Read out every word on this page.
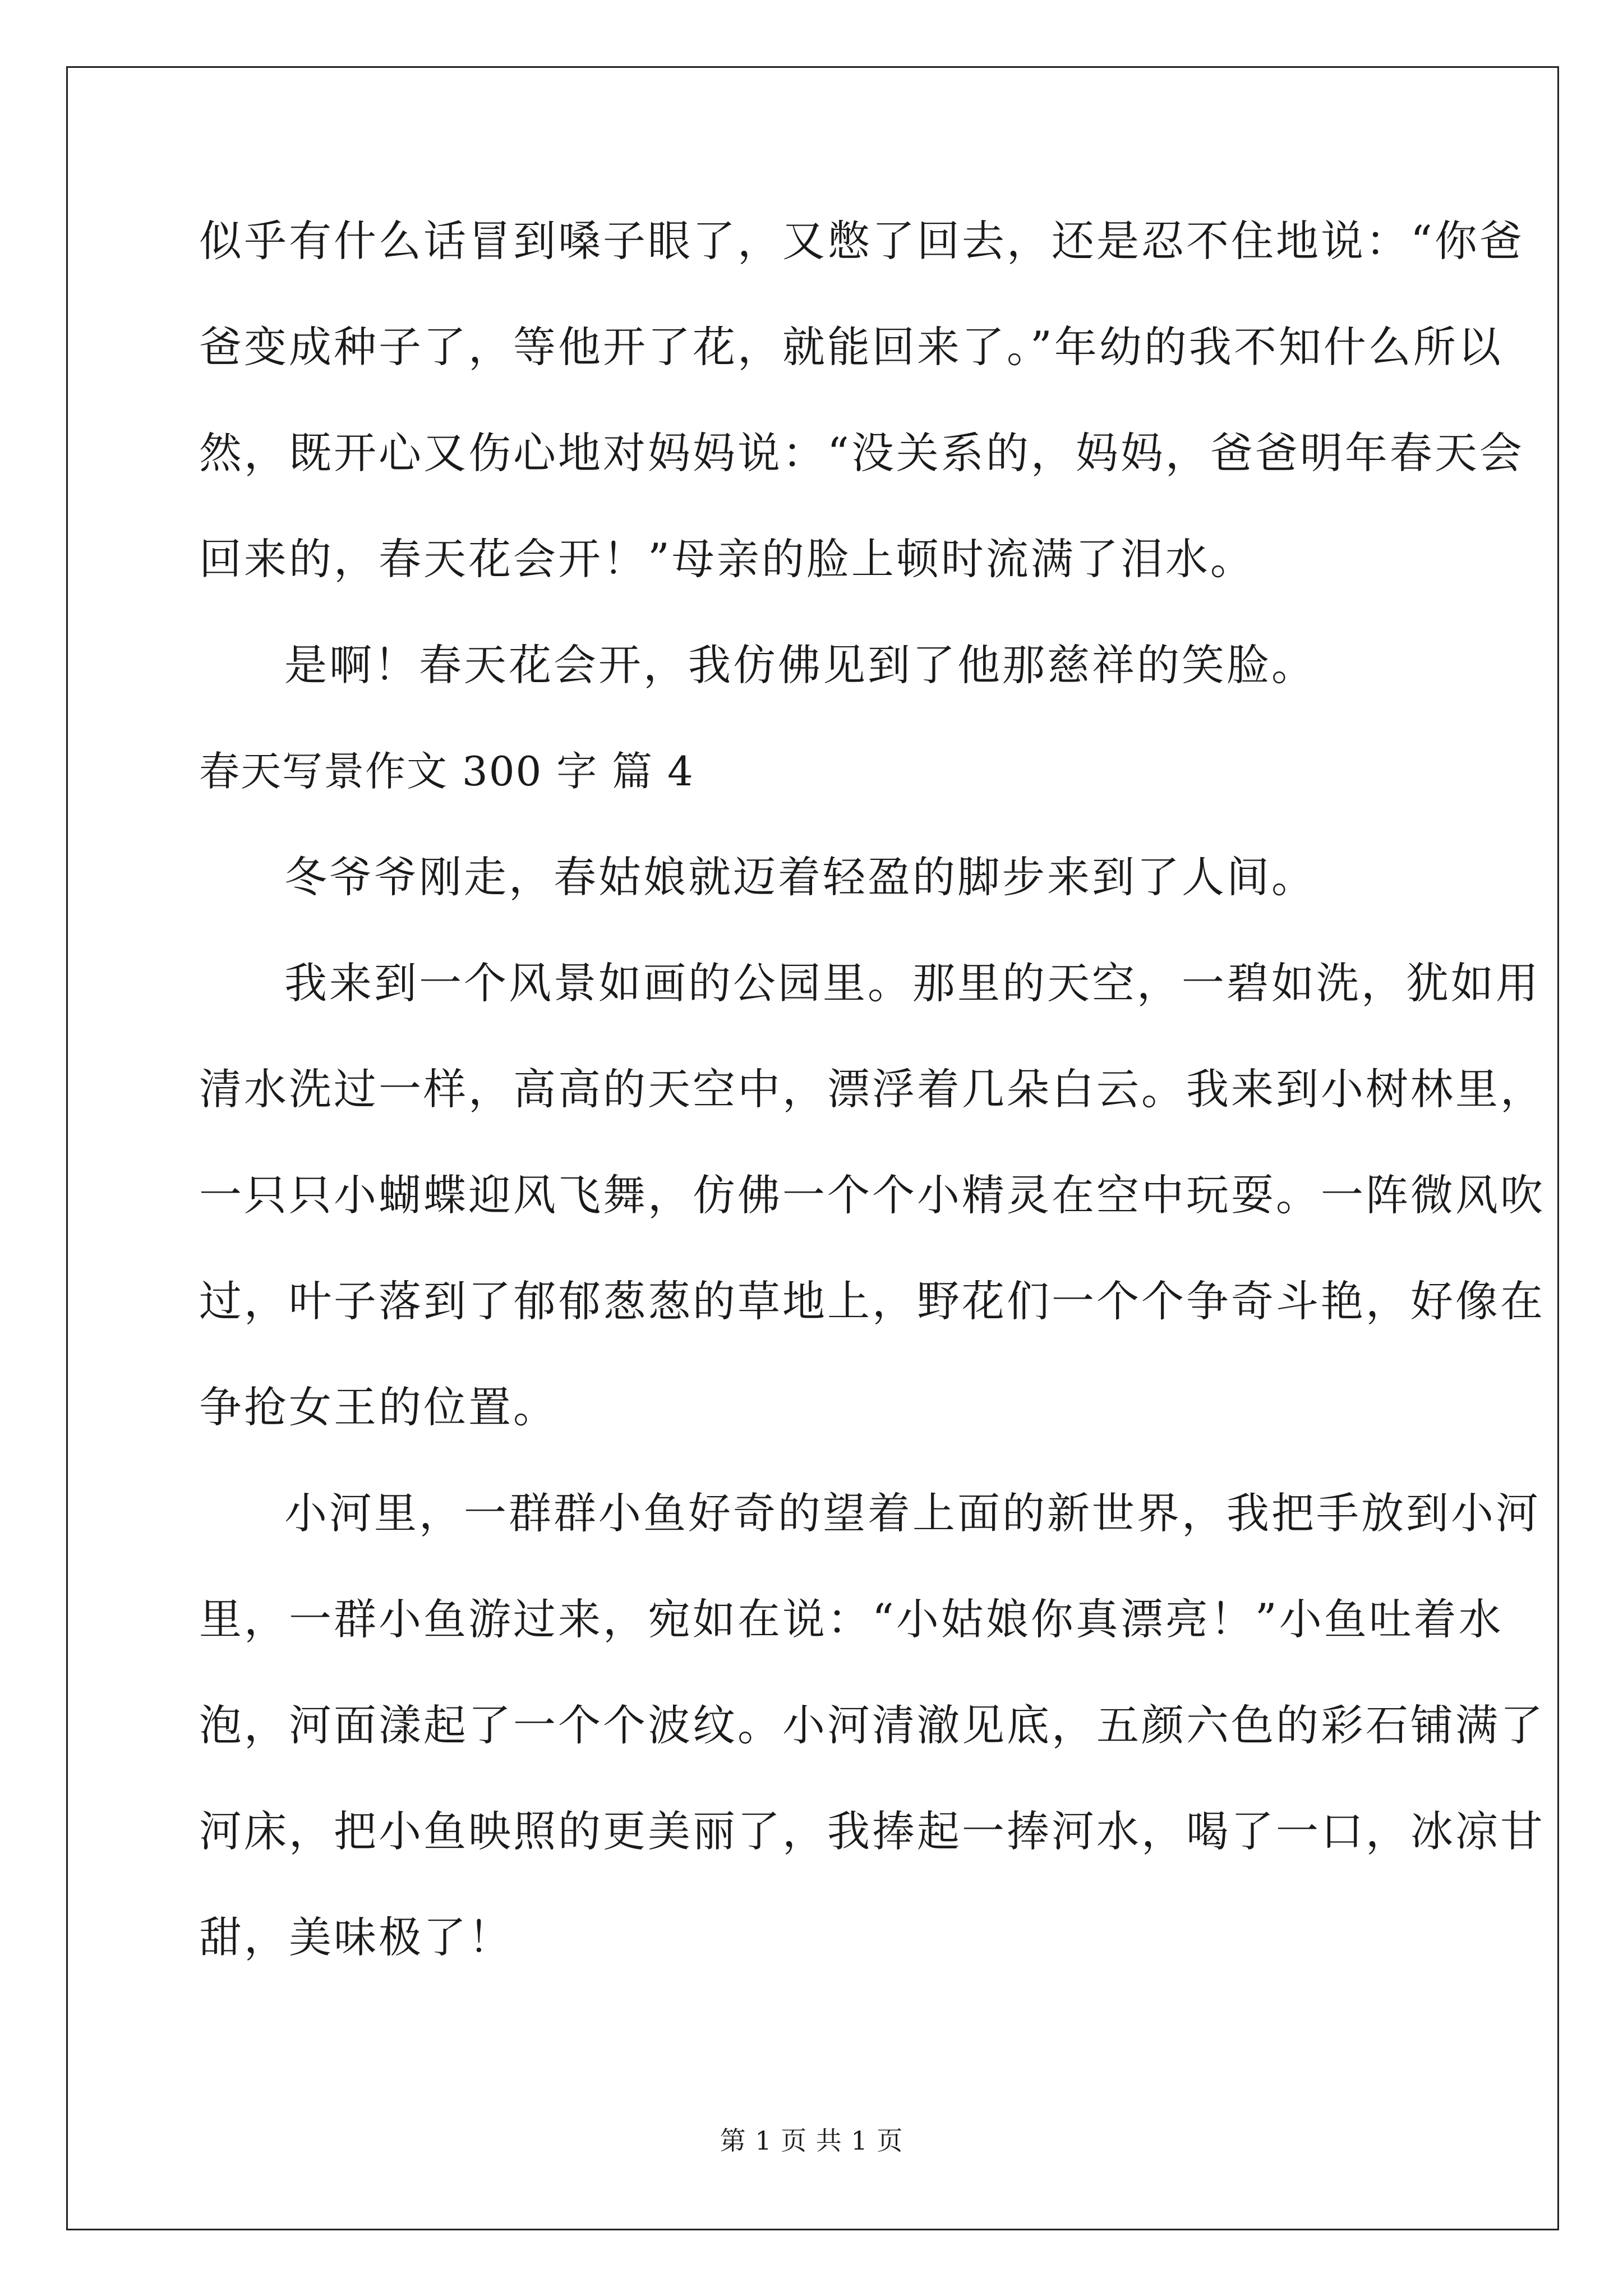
似乎有什么话冒到嗓子眼了，又憋了回去，还是忍不住地说：“你爸
爸变成种子了，等他开了花，就能回来了。”年幼的我不知什么所以
然，既开心又伤心地对妈妈说：“没关系的，妈妈，爸爸明年春天会
回来的，春天花会开！”母亲的脸上顿时流满了泪水。
是啊！春天花会开，我仿佛见到了他那慈祥的笑脸。
春天写景作文 300 字 篇 4
冬爷爷刚走，春姑娘就迈着轻盈的脚步来到了人间。
我来到一个风景如画的公园里。那里的天空，一碧如洗，犹如用
清水洗过一样，高高的天空中，漂浮着几朵白云。我来到小树林里，
一只只小蝴蝶迎风飞舞，仿佛一个个小精灵在空中玩耍。一阵微风吹
过，叶子落到了郁郁葱葱的草地上，野花们一个个争奇斗艳，好像在
争抢女王的位置。
小河里，一群群小鱼好奇的望着上面的新世界，我把手放到小河
里，一群小鱼游过来，宛如在说：“小姑娘你真漂亮！”小鱼吐着水
泡，河面漾起了一个个波纹。小河清澈见底，五颜六色的彩石铺满了
河床，把小鱼映照的更美丽了，我捧起一捧河水，喝了一口，冰凉甘
甜，美味极了！
第 1 页 共 1 页
